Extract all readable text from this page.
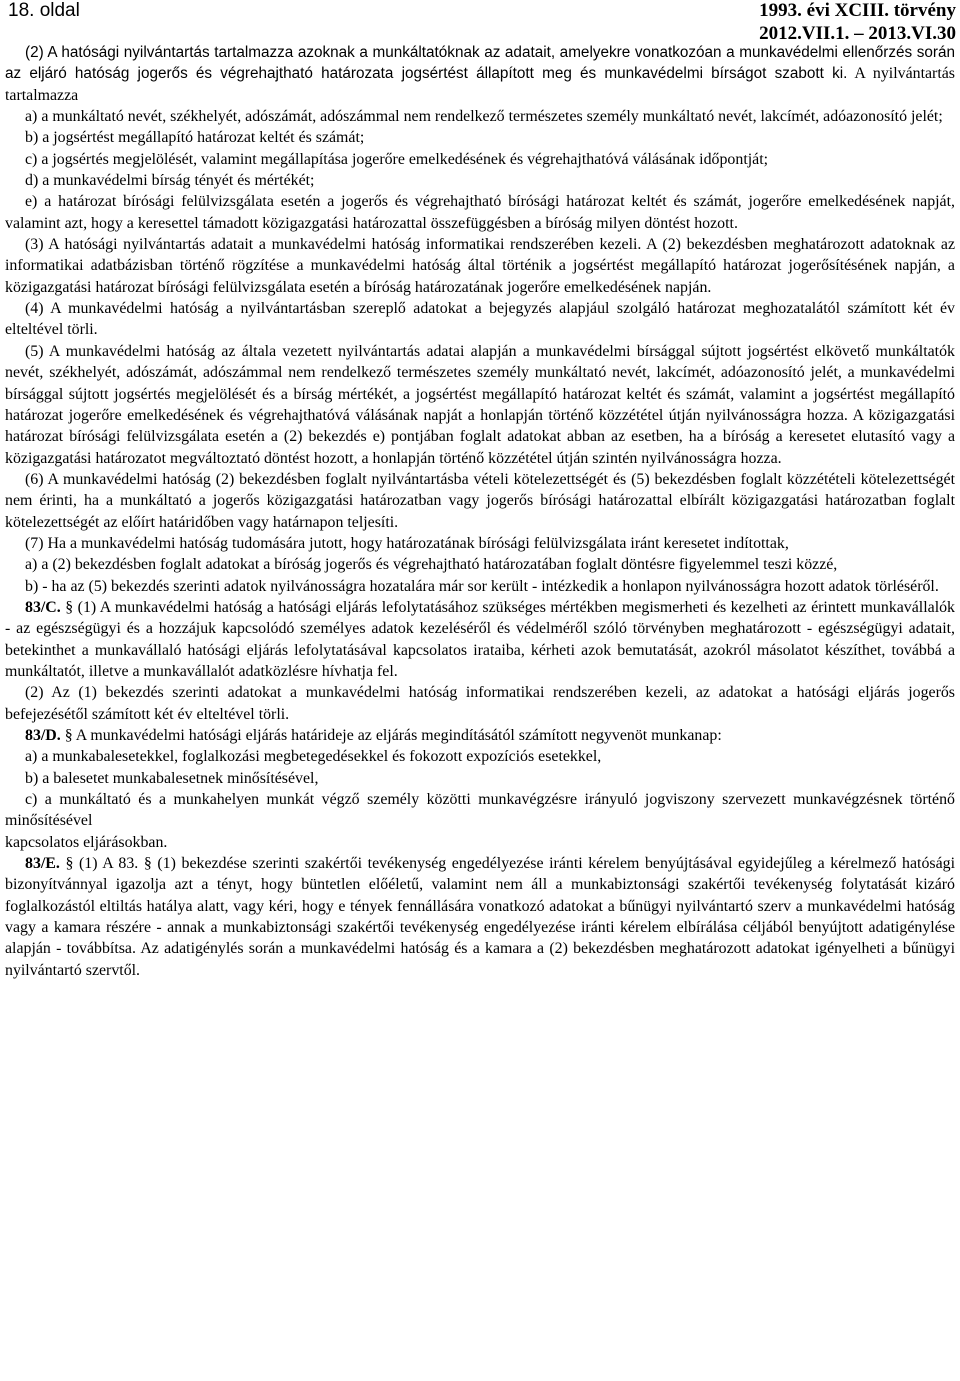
18. oldal	1993. évi XCIII. törvény
2012.VII.1. – 2013.VI.30

(2) A hatósági nyilvántartás tartalmazza azoknak a munkáltatóknak az adatait, amelyekre vonatkozóan a munkavédelmi ellenőrzés során az eljáró hatóság jogerős és végrehajtható határozata jogsértést állapított meg és munkavédelmi bírságot szabott ki. A nyilvántartás tartalmazza

a) a munkáltató nevét, székhelyét, adószámát, adószámmal nem rendelkező természetes személy munkáltató nevét, lakcímét, adóazonosító jelét;

b) a jogsértést megállapító határozat keltét és számát;

c) a jogsértés megjelölését, valamint megállapítása jogerőre emelkedésének és végrehajthatóvá válásának időpontját;

d) a munkavédelmi bírság tényét és mértékét;

e) a határozat bírósági felülvizsgálata esetén a jogerős és végrehajtható bírósági határozat keltét és számát, jogerőre emelkedésének napját, valamint azt, hogy a keresettel támadott közigazgatási határozattal összefüggésben a bíróság milyen döntést hozott.

(3) A hatósági nyilvántartás adatait a munkavédelmi hatóság informatikai rendszerében kezeli. A (2) bekezdésben meghatározott adatoknak az informatikai adatbázisban történő rögzítése a munkavédelmi hatóság által történik a jogsértést megállapító határozat jogerősítésének napján, a közigazgatási határozat bírósági felülvizsgálata esetén a bíróság határozatának jogerőre emelkedésének napján.

(4) A munkavédelmi hatóság a nyilvántartásban szereplő adatokat a bejegyzés alapjául szolgáló határozat meghozatalától számított két év elteltével törli.

(5) A munkavédelmi hatóság az általa vezetett nyilvántartás adatai alapján a munkavédelmi bírsággal sújtott jogsértést elkövető munkáltatók nevét, székhelyét, adószámát, adószámmal nem rendelkező természetes személy munkáltató nevét, lakcímét, adóazonosító jelét, a munkavédelmi bírsággal sújtott jogsértés megjelölését és a bírság mértékét, a jogsértést megállapító határozat keltét és számát, valamint a jogsértést megállapító határozat jogerőre emelkedésének és végrehajthatóvá válásának napját a honlapján történő közzététel útján nyilvánosságra hozza. A közigazgatási határozat bírósági felülvizsgálata esetén a (2) bekezdés e) pontjában foglalt adatokat abban az esetben, ha a bíróság a keresetet elutasító vagy a közigazgatási határozatot megváltoztató döntést hozott, a honlapján történő közzététel útján szintén nyilvánosságra hozza.

(6) A munkavédelmi hatóság (2) bekezdésben foglalt nyilvántartásba vételi kötelezettségét és (5) bekezdésben foglalt közzétételi kötelezettségét nem érinti, ha a munkáltató a jogerős közigazgatási határozatban vagy jogerős bírósági határozattal elbírált közigazgatási határozatban foglalt kötelezettségét az előírt határidőben vagy határnapon teljesíti.

(7) Ha a munkavédelmi hatóság tudomására jutott, hogy határozatának bírósági felülvizsgálata iránt keresetet indítottak,

a) a (2) bekezdésben foglalt adatokat a bíróság jogerős és végrehajtható határozatában foglalt döntésre figyelemmel teszi közzé,

b) - ha az (5) bekezdés szerinti adatok nyilvánosságra hozatalára már sor került - intézkedik a honlapon nyilvánosságra hozott adatok törléséről.

83/C. § (1) A munkavédelmi hatóság a hatósági eljárás lefolytatásához szükséges mértékben megismerheti és kezelheti az érintett munkavállalók - az egészségügyi és a hozzájuk kapcsolódó személyes adatok kezeléséről és védelméről szóló törvényben meghatározott - egészségügyi adatait, betekinthet a munkavállaló hatósági eljárás lefolytatásával kapcsolatos irataiba, kérheti azok bemutatását, azokról másolatot készíthet, továbbá a munkáltatót, illetve a munkavállalót adatközlésre hívhatja fel.

(2) Az (1) bekezdés szerinti adatokat a munkavédelmi hatóság informatikai rendszerében kezeli, az adatokat a hatósági eljárás jogerős befejezésétől számított két év elteltével törli.

83/D. § A munkavédelmi hatósági eljárás határideje az eljárás megindításától számított negyvenöt munkanap:

a) a munkabalesetekkel, foglalkozási megbetegedésekkel és fokozott expozíciós esetekkel,

b) a balesetet munkabalesetnek minősítésével,

c) a munkáltató és a munkahelyen munkát végző személy közötti munkavégzésre irányuló jogviszony szervezett munkavégzésnek történő minősítésével

kapcsolatos eljárásokban.

83/E. § (1) A 83. § (1) bekezdése szerinti szakértői tevékenység engedélyezése iránti kérelem benyújtásával egyidejűleg a kérelmező hatósági bizonyítvánnyal igazolja azt a tényt, hogy büntetlen előéletű, valamint nem áll a munkabiztonsági szakértői tevékenység folytatását kizáró foglalkozástól eltiltás hatálya alatt, vagy kéri, hogy e tények fennállására vonatkozó adatokat a bűnügyi nyilvántartó szerv a munkavédelmi hatóság vagy a kamara részére - annak a munkabiztonsági szakértői tevékenység engedélyezése iránti kérelem elbírálása céljából benyújtott adatigénylése alapján - továbbítsa. Az adatigénylés során a munkavédelmi hatóság és a kamara a (2) bekezdésben meghatározott adatokat igényelheti a bűnügyi nyilvántartó szervtől.
